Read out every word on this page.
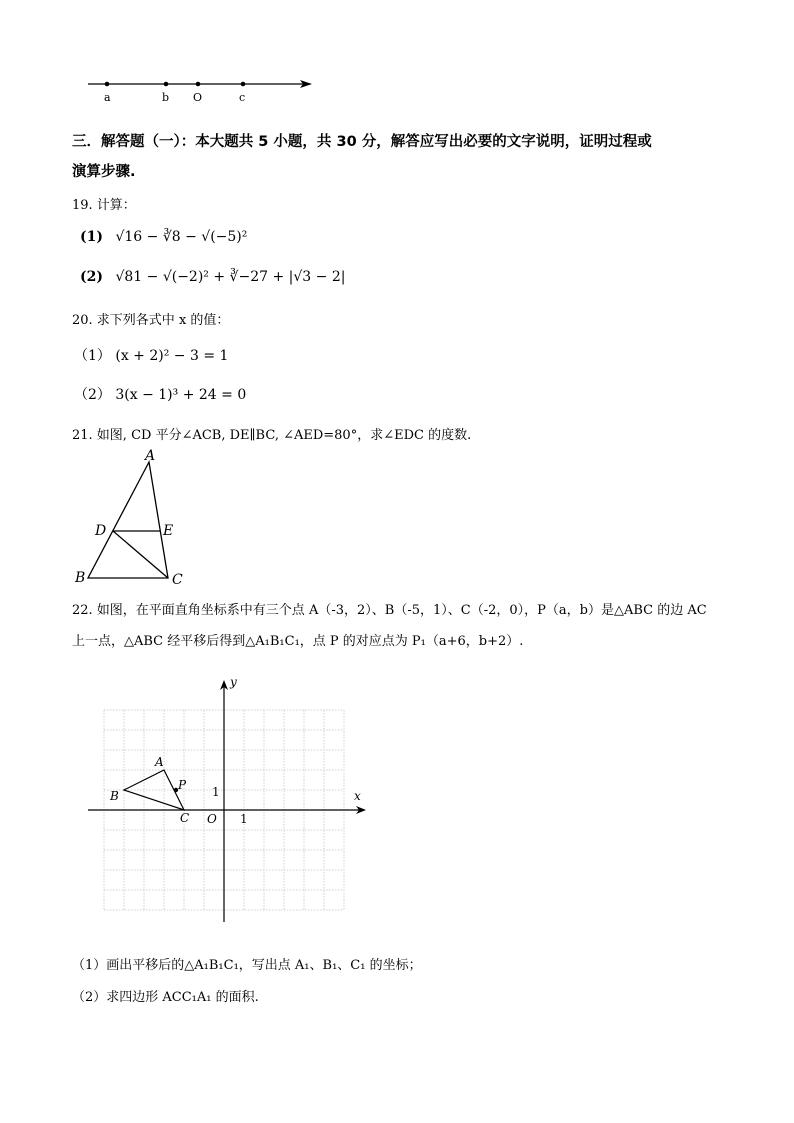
a	b O	c
三．解答题（一）：本大题共 5 小题，共 30 分，解答应写出必要的文字说明，证明过程或
演算步骤.
19. 计算：
(1) √16 − ∛8 − √(−5)²
(2) √81 − √(−2)² + ∛−27 + |√3 − 2|
20. 求下列各式中 x 的值：
（1） (x + 2)² − 3 = 1
（2） 3(x − 1)³ + 24 = 0
21. 如图, CD 平分∠ACB, DE∥BC, ∠AED=80°，求∠EDC 的度数.
A
D	E
B	C
22. 如图，在平面直角坐标系中有三个点 A（-3，2）、B（-5，1）、C（-2，0），P（a，b）是△ABC 的边 AC
上一点，△ABC 经平移后得到△A₁B₁C₁，点 P 的对应点为 P₁（a+6，b+2）.
x
y
O 1
1
A
B
C
P
（1）画出平移后的△A₁B₁C₁，写出点 A₁、B₁、C₁ 的坐标；
（2）求四边形 ACC₁A₁ 的面积.
